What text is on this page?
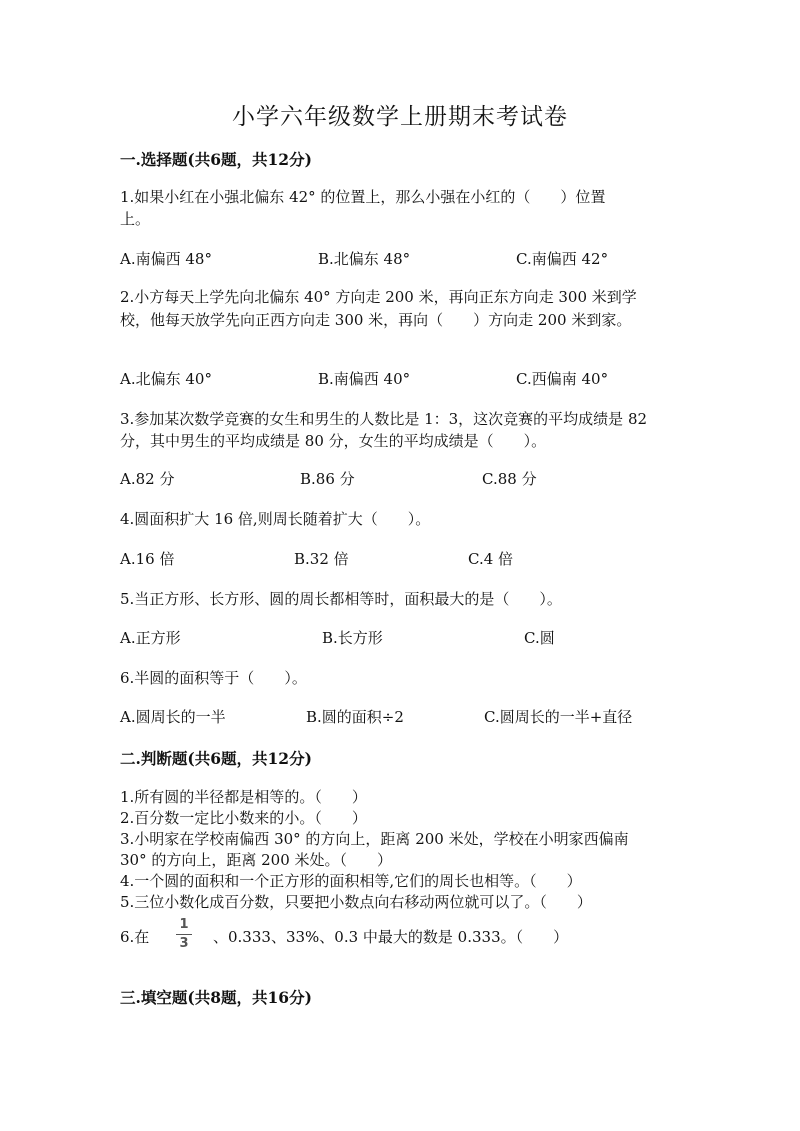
小学六年级数学上册期末考试卷
一.选择题(共6题，共12分)
1.如果小红在小强北偏东 42° 的位置上，那么小强在小红的（　　）位置
上。
A.南偏西 48°	B.北偏东 48°	C.南偏西 42°
2.小方每天上学先向北偏东 40° 方向走 200 米，再向正东方向走 300 米到学
校，他每天放学先向正西方向走 300 米，再向（　　）方向走 200 米到家。
A.北偏东 40°	B.南偏西 40°	C.西偏南 40°
3.参加某次数学竞赛的女生和男生的人数比是 1：3，这次竞赛的平均成绩是 82
分，其中男生的平均成绩是 80 分，女生的平均成绩是（　　）。
A.82 分	B.86 分	C.88 分
4.圆面积扩大 16 倍,则周长随着扩大（　　）。
A.16 倍	B.32 倍	C.4 倍
5.当正方形、长方形、圆的周长都相等时，面积最大的是（　　）。
A.正方形	B.长方形	C.圆
6.半圆的面积等于（　　）。
A.圆周长的一半	B.圆的面积÷2	C.圆周长的一半+直径
二.判断题(共6题，共12分)
1.所有圆的半径都是相等的。（　　）
2.百分数一定比小数来的小。（　　）
3.小明家在学校南偏西 30° 的方向上，距离 200 米处，学校在小明家西偏南
30° 的方向上，距离 200 米处。（　　）
4.一个圆的面积和一个正方形的面积相等,它们的周长也相等。（　　）
5.三位小数化成百分数，只要把小数点向右移动两位就可以了。（　　）
6.在
1
3 、0.333、33%、0.3 中最大的数是 0.333。（　　）
三.填空题(共8题，共16分)
